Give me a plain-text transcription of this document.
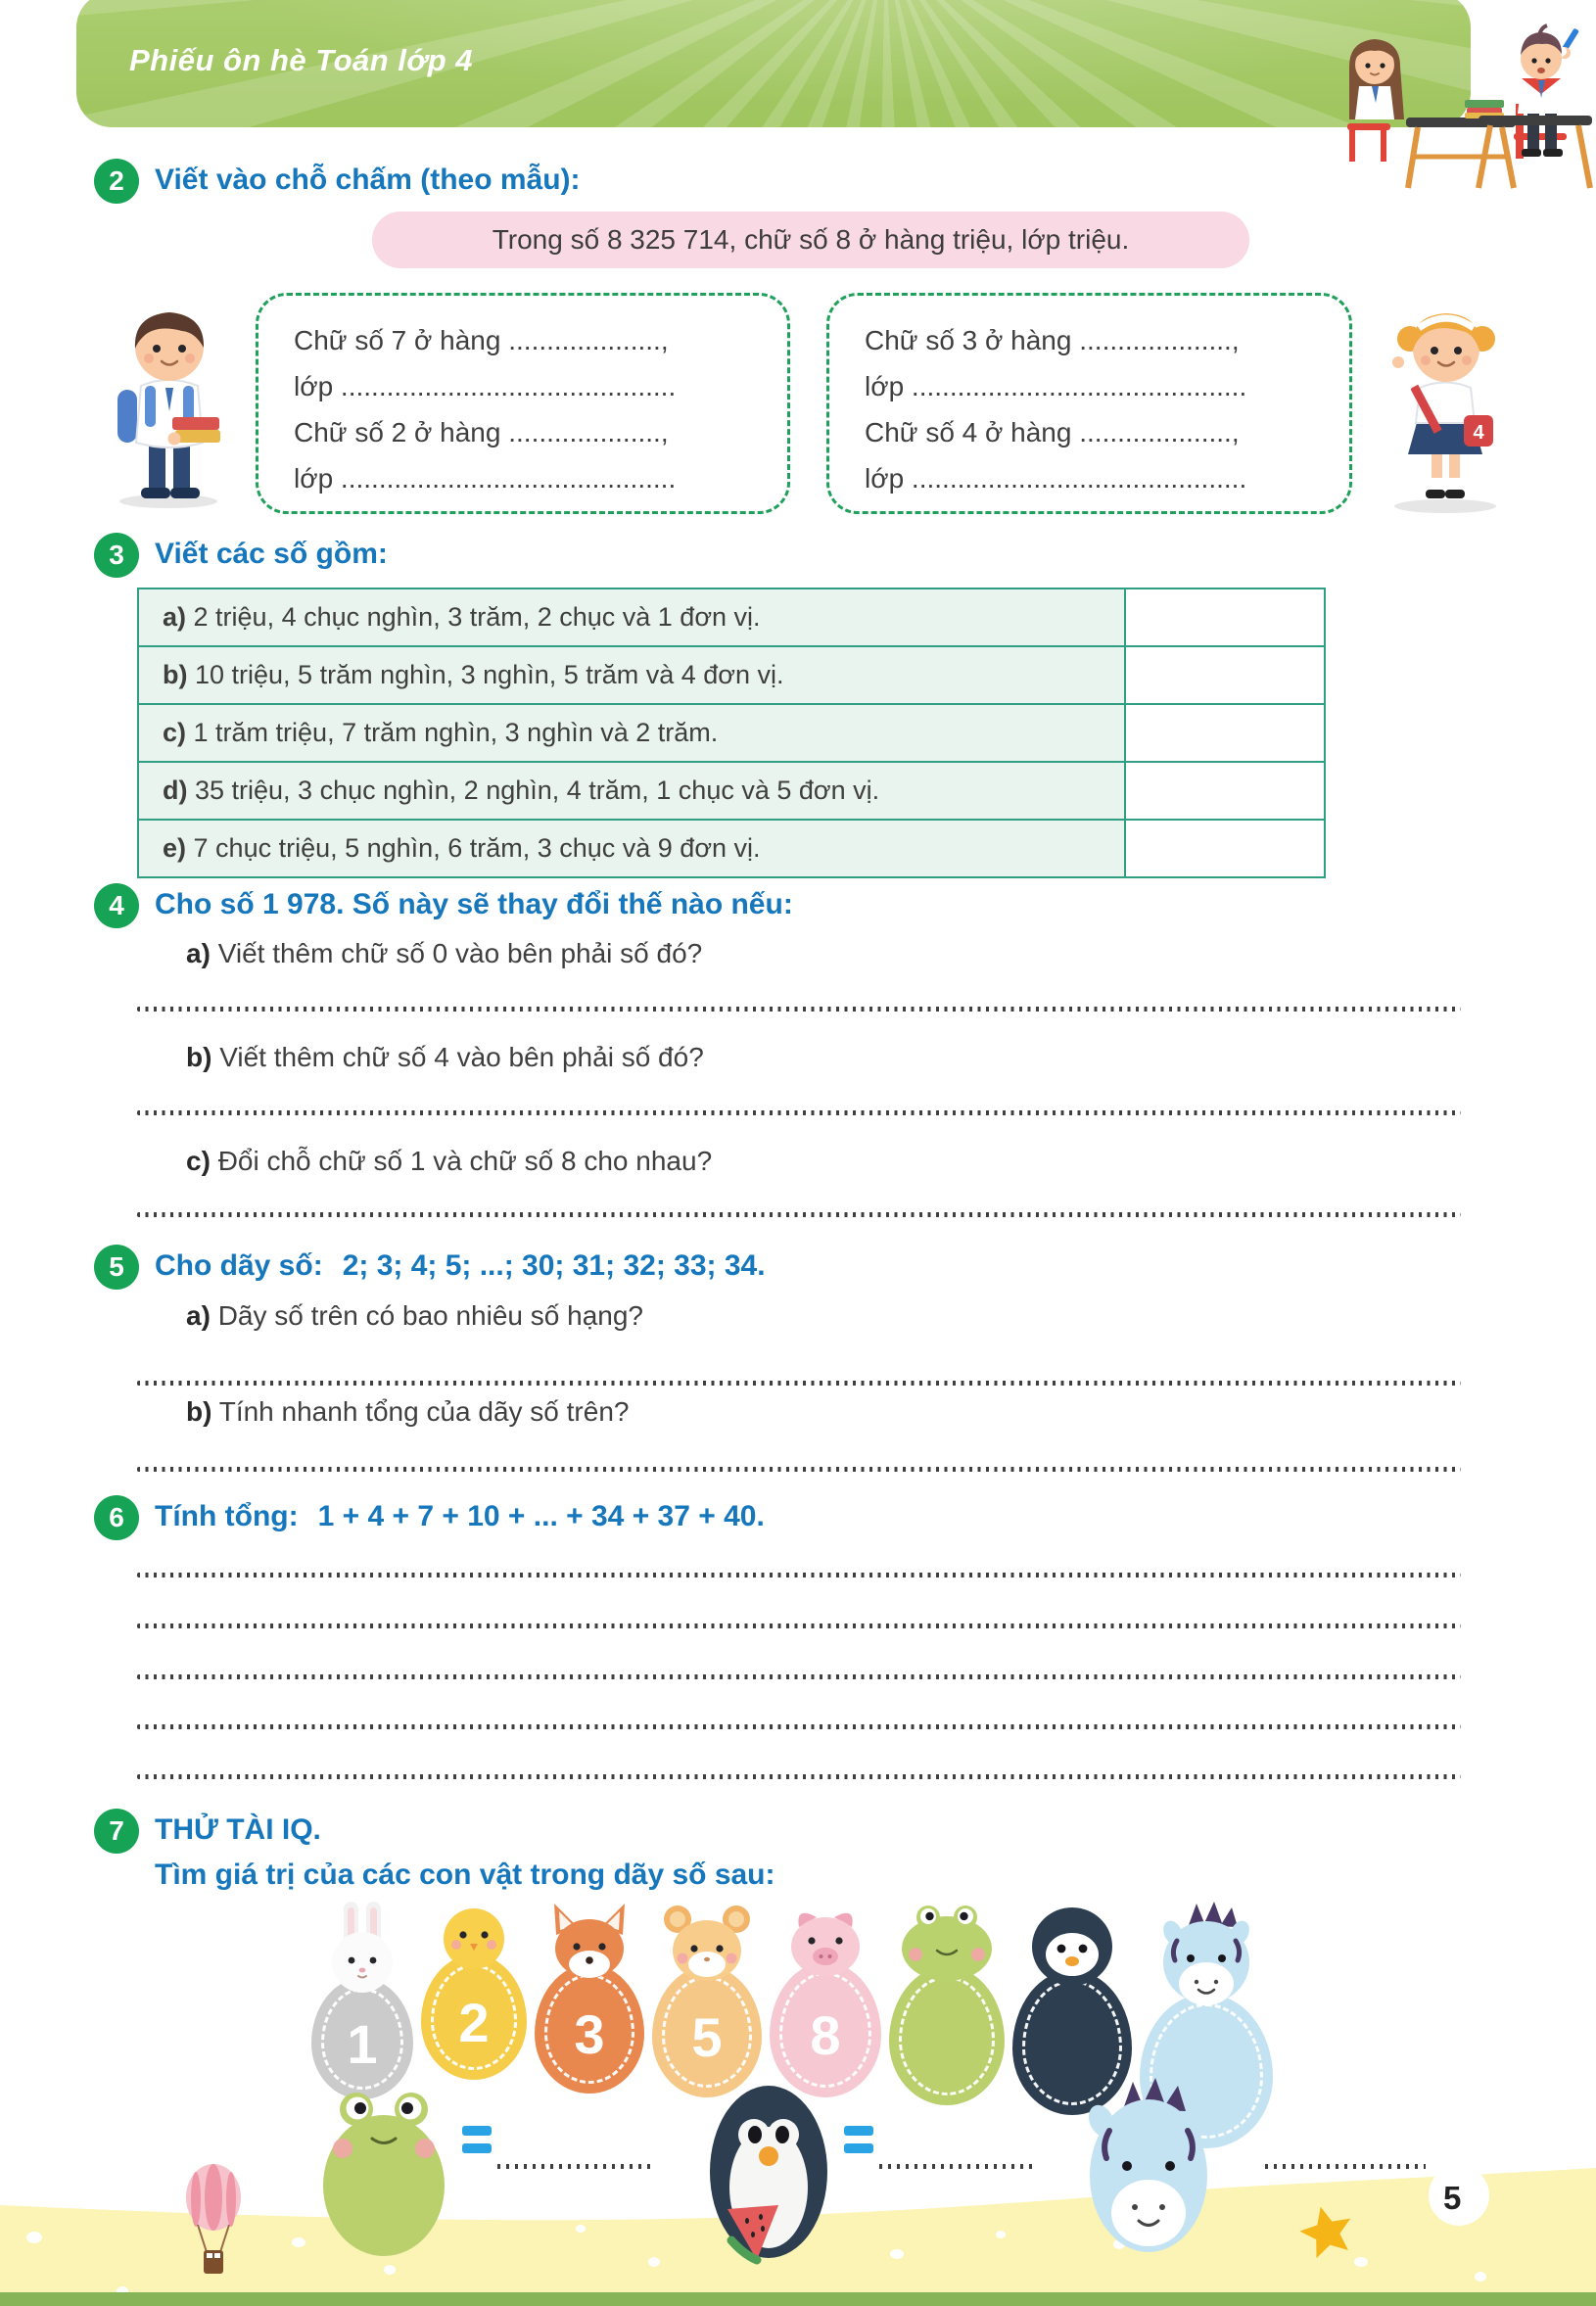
Phiếu ôn hè Toán lớp 4
2	Viết vào chỗ chấm (theo mẫu):
Trong số 8 325 714, chữ số 8 ở hàng triệu, lớp triệu.
Chữ số 7 ở hàng ....................,
lớp ............................................
Chữ số 2 ở hàng ....................,
lớp ............................................
Chữ số 3 ở hàng ....................,
lớp ............................................
Chữ số 4 ở hàng ....................,
lớp ............................................
4
3	Viết các số gồm:
a) 2 triệu, 4 chục nghìn, 3 trăm, 2 chục và 1 đơn vị.	
b) 10 triệu, 5 trăm nghìn, 3 nghìn, 5 trăm và 4 đơn vị.	
c) 1 trăm triệu, 7 trăm nghìn, 3 nghìn và 2 trăm.	
d) 35 triệu, 3 chục nghìn, 2 nghìn, 4 trăm, 1 chục và 5 đơn vị.	
e) 7 chục triệu, 5 nghìn, 6 trăm, 3 chục và 9 đơn vị.	
4	Cho số 1 978. Số này sẽ thay đổi thế nào nếu:
a) Viết thêm chữ số 0 vào bên phải số đó?
b) Viết thêm chữ số 4 vào bên phải số đó?
c) Đổi chỗ chữ số 1 và chữ số 8 cho nhau?
5	Cho dãy số: 2; 3; 4; 5; ...; 30; 31; 32; 33; 34.
a) Dãy số trên có bao nhiêu số hạng?
b) Tính nhanh tổng của dãy số trên?
6	Tính tổng: 1 + 4 + 7 + 10 + ... + 34 + 37 + 40.
7	THỬ TÀI IQ.
Tìm giá trị của các con vật trong dãy số sau:
1	2	3	5	8
5
